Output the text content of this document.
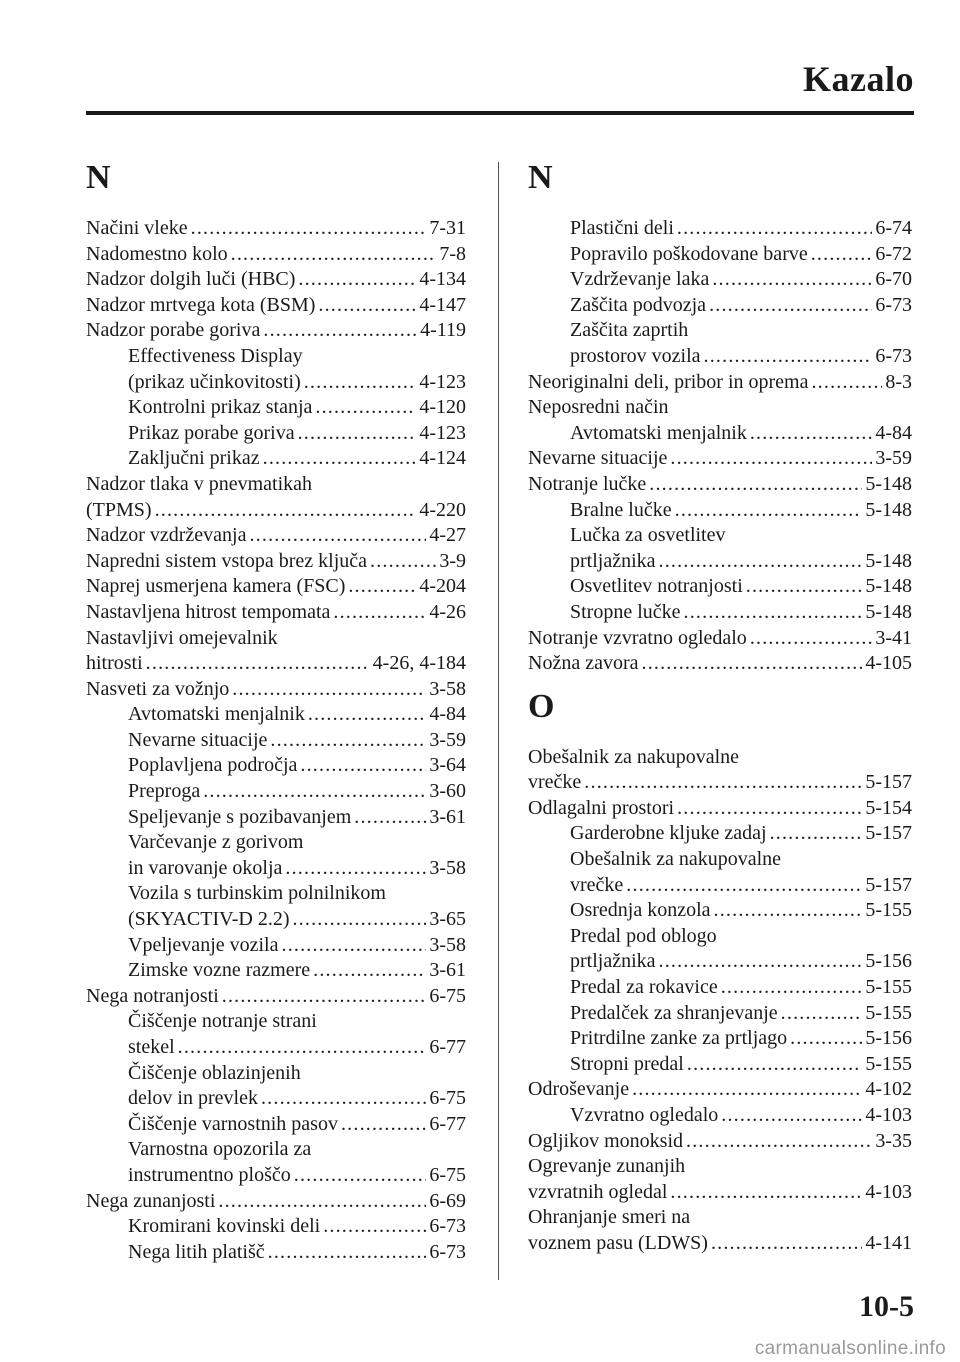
Kazalo
N
Načini vleke .....	7-31
Nadomestno kolo .....	7-8
Nadzor dolgih luči (HBC) .....	4-134
Nadzor mrtvega kota (BSM) .....	4-147
Nadzor porabe goriva .....	4-119
Effectiveness Display
(prikaz učinkovitosti) .....	4-123
Kontrolni prikaz stanja .....	4-120
Prikaz porabe goriva .....	4-123
Zaključni prikaz .....	4-124
Nadzor tlaka v pnevmatikah
(TPMS) .....	4-220
Nadzor vzdrževanja .....	4-27
Napredni sistem vstopa brez ključa .....	3-9
Naprej usmerjena kamera (FSC) .....	4-204
Nastavljena hitrost tempomata .....	4-26
Nastavljivi omejevalnik
hitrosti .....	4-26, 4-184
Nasveti za vožnjo .....	3-58
Avtomatski menjalnik .....	4-84
Nevarne situacije .....	3-59
Poplavljena področja .....	3-64
Preproga .....	3-60
Speljevanje s pozibavanjem .....	3-61
Varčevanje z gorivom
in varovanje okolja .....	3-58
Vozila s turbinskim polnilnikom
(SKYACTIV-D 2.2) .....	3-65
Vpeljevanje vozila .....	3-58
Zimske vozne razmere .....	3-61
Nega notranjosti .....	6-75
Čiščenje notranje strani
stekel .....	6-77
Čiščenje oblazinjenih
delov in prevlek .....	6-75
Čiščenje varnostnih pasov .....	6-77
Varnostna opozorila za
instrumentno ploščo .....	6-75
Nega zunanjosti .....	6-69
Kromirani kovinski deli .....	6-73
Nega litih platišč .....	6-73
N
Plastični deli .....	6-74
Popravilo poškodovane barve .....	6-72
Vzdrževanje laka .....	6-70
Zaščita podvozja .....	6-73
Zaščita zaprtih
prostorov vozila .....	6-73
Neoriginalni deli, pribor in oprema .....	8-3
Neposredni način
Avtomatski menjalnik .....	4-84
Nevarne situacije .....	3-59
Notranje lučke .....	5-148
Bralne lučke .....	5-148
Lučka za osvetlitev
prtljažnika .....	5-148
Osvetlitev notranjosti .....	5-148
Stropne lučke .....	5-148
Notranje vzvratno ogledalo .....	3-41
Nožna zavora .....	4-105
O
Obešalnik za nakupovalne
vrečke .....	5-157
Odlagalni prostori .....	5-154
Garderobne kljuke zadaj .....	5-157
Obešalnik za nakupovalne
vrečke .....	5-157
Osrednja konzola .....	5-155
Predal pod oblogo
prtljažnika .....	5-156
Predal za rokavice .....	5-155
Predalček za shranjevanje .....	5-155
Pritrdilne zanke za prtljago .....	5-156
Stropni predal .....	5-155
Odroševanje .....	4-102
Vzvratno ogledalo .....	4-103
Ogljikov monoksid .....	3-35
Ogrevanje zunanjih
vzvratnih ogledal .....	4-103
Ohranjanje smeri na
voznem pasu (LDWS) .....	4-141
10-5
carmanualsonline.info
